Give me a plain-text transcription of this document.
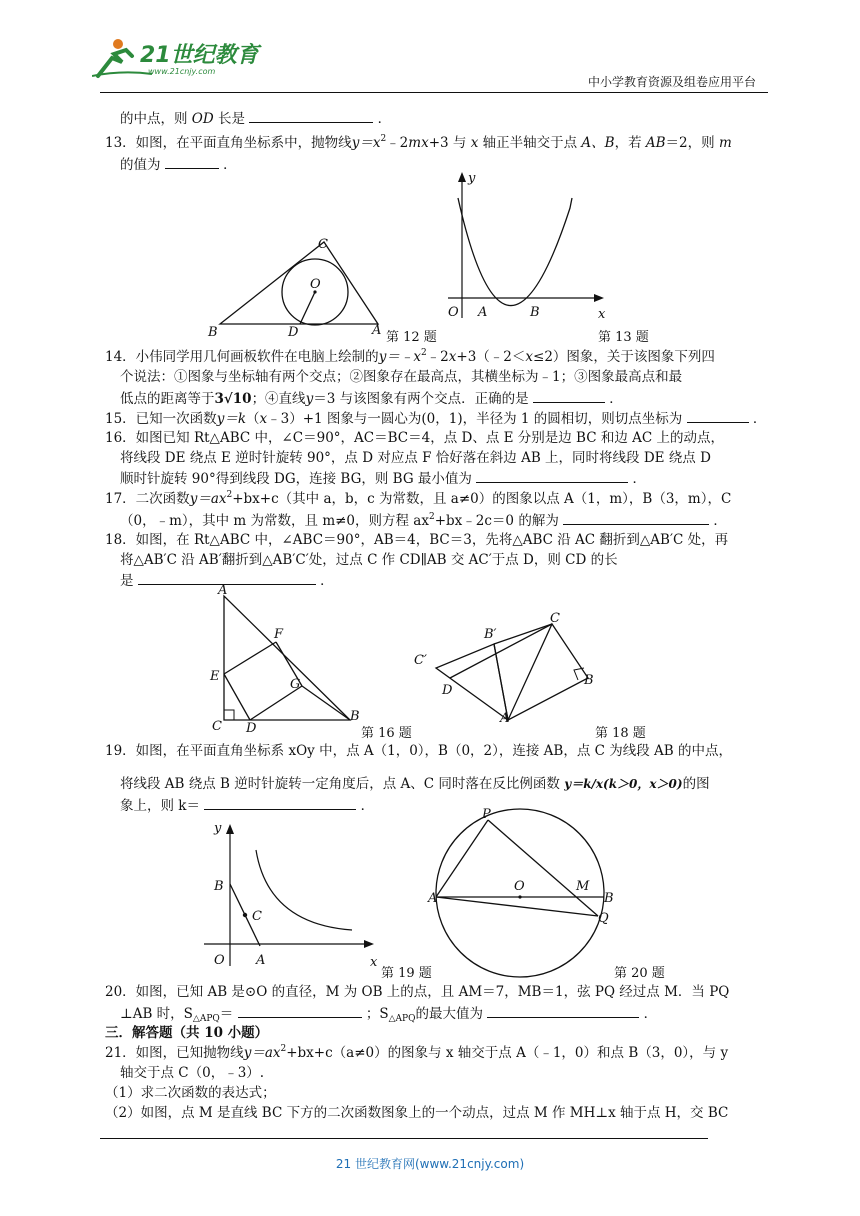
21世纪教育
www.21cnjy.com
中小学教育资源及组卷应用平台
的中点，则 OD 长是	．
13．如图，在平面直角坐标系中，抛物线$y=x^2﹣2mx+3$ 与 x 轴正半轴交于点 A、B，若 AB＝2，则 m
的值为	．
C
O
B	D	A 第 12 题
y
O A	B	x
第 13 题
14．小伟同学用几何画板软件在电脑上绘制的$y=﹣x^2﹣2x+3(﹣2<x\le 2)$图象，关于该图象下列四
个说法：①图象与坐标轴有两个交点；②图象存在最高点，其横坐标为﹣1；③图象最高点和最
低点的距离等于3√10；④直线y＝3 与该图象有两个交点．正确的是	．
15．已知一次函数y＝k（x﹣3）+1 图象与一圆心为(0，1)，半径为 1 的圆相切，则切点坐标为	．
16．如图已知 Rt△ABC 中，∠C＝90°，AC＝BC＝4，点 D、点 E 分别是边 BC 和边 AC 上的动点，
将线段 DE 绕点 E 逆时针旋转 90°，点 D 对应点 F 恰好落在斜边 AB 上，同时将线段 DE 绕点 D
顺时针旋转 90°得到线段 DG，连接 BG，则 BG 最小值为	．
17．二次函数$y=ax^2+bx+c$（其中 a，b，c 为常数，且 a≠0）的图象以点 A（1，m），B（3，m），C
（0，﹣m），其中 m 为常数，且 m≠0，则方程 $ax^2+bx﹣2c=0$ 的解为	．
18．如图，在 Rt△ABC 中，∠ABC＝90°，AB＝4，BC＝3，先将△ABC 沿 AC 翻折到△AB′C 处，再
将△AB′C 沿 AB′翻折到△AB′C′处，过点 C 作 CD∥AB 交 AC′于点 D，则 CD 的长
是	．
A
F
E
G
C D
B
第 16 题
B′
C
C′
D
B
A
第 18 题
19．如图，在平面直角坐标系 xOy 中，点 A（1，0），B（0，2），连接 AB，点 C 为线段 AB 的中点，
将线段 AB 绕点 B 逆时针旋转一定角度后，点 A、C 同时落在反比例函数 y＝k/x(k＞0，x＞0)的图
象上，则 k＝	．
y
B
C
O A	x
第 19 题
P
A
O	M
B
Q
第 20 题
20．如图，已知 AB 是⊙O 的直径，M 为 OB 上的点，且 AM＝7，MB＝1，弦 PQ 经过点 M．当 PQ
⊥AB 时，$S_{\triangle APQ}=$	；$S_{\triangle APQ}$的最大值为	．
三．解答题（共 10 小题）
21．如图，已知抛物线$y=ax^2+bx+c(a\ne 0)$的图象与 x 轴交于点 A（﹣1，0）和点 B（3，0），与 y
轴交于点 C（0，﹣3）.
（1）求二次函数的表达式；
（2）如图，点 M 是直线 BC 下方的二次函数图象上的一个动点，过点 M 作 MH⊥x 轴于点 H，交 BC
21 世纪教育网(www.21cnjy.com)
